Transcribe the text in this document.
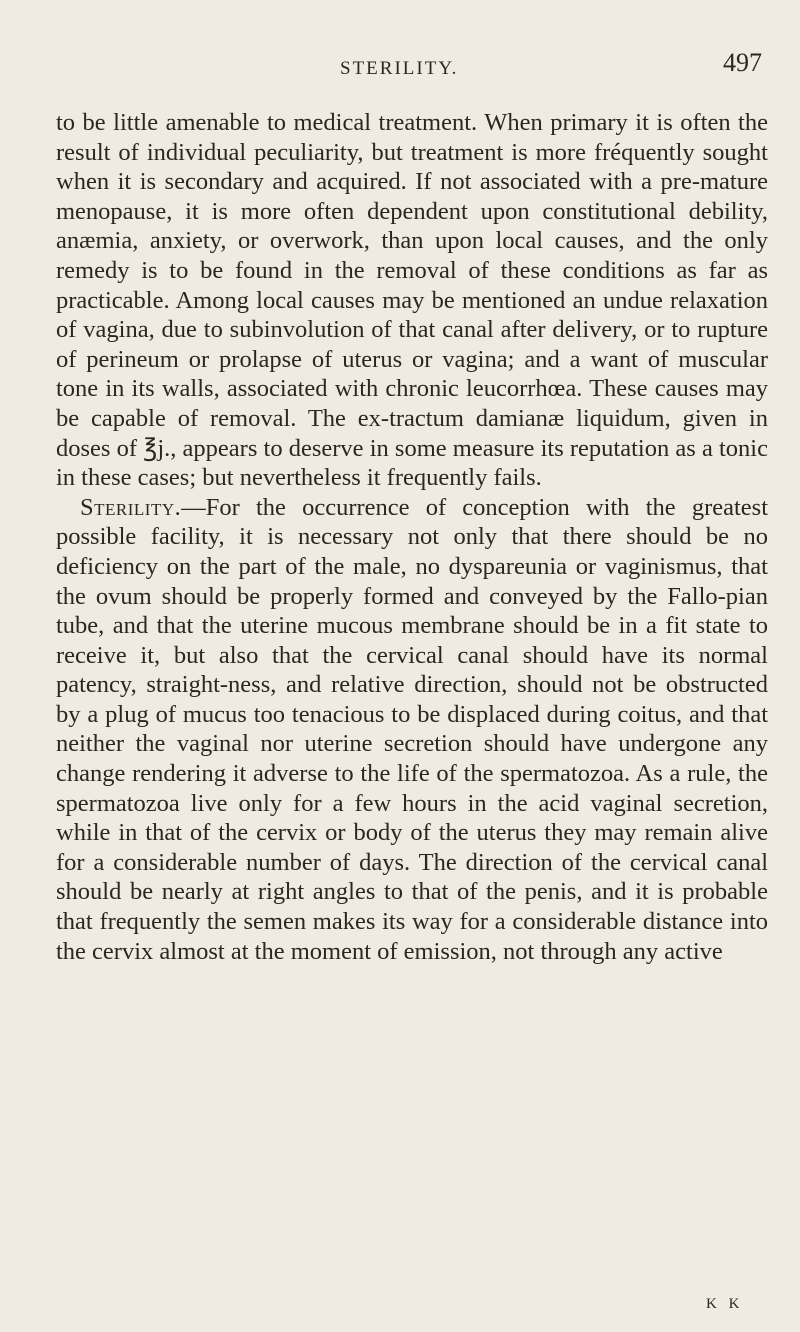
STERILITY.	497

to be little amenable to medical treatment. When primary it is often the result of individual peculiarity, but treatment is more fréquently sought when it is secondary and acquired. If not associated with a pre-mature menopause, it is more often dependent upon constitutional debility, anæmia, anxiety, or overwork, than upon local causes, and the only remedy is to be found in the removal of these conditions as far as practicable. Among local causes may be mentioned an undue relaxation of vagina, due to subinvolution of that canal after delivery, or to rupture of perineum or prolapse of uterus or vagina; and a want of muscular tone in its walls, associated with chronic leucorrhœa. These causes may be capable of removal. The ex-tractum damianæ liquidum, given in doses of ℥j., appears to deserve in some measure its reputation as a tonic in these cases; but nevertheless it frequently fails.

Sterility.—For the occurrence of conception with the greatest possible facility, it is necessary not only that there should be no deficiency on the part of the male, no dyspareunia or vaginismus, that the ovum should be properly formed and conveyed by the Fallo-pian tube, and that the uterine mucous membrane should be in a fit state to receive it, but also that the cervical canal should have its normal patency, straight-ness, and relative direction, should not be obstructed by a plug of mucus too tenacious to be displaced during coitus, and that neither the vaginal nor uterine secretion should have undergone any change rendering it adverse to the life of the spermatozoa. As a rule, the spermatozoa live only for a few hours in the acid vaginal secretion, while in that of the cervix or body of the uterus they may remain alive for a considerable number of days. The direction of the cervical canal should be nearly at right angles to that of the penis, and it is probable that frequently the semen makes its way for a considerable distance into the cervix almost at the moment of emission, not through any active

K K
